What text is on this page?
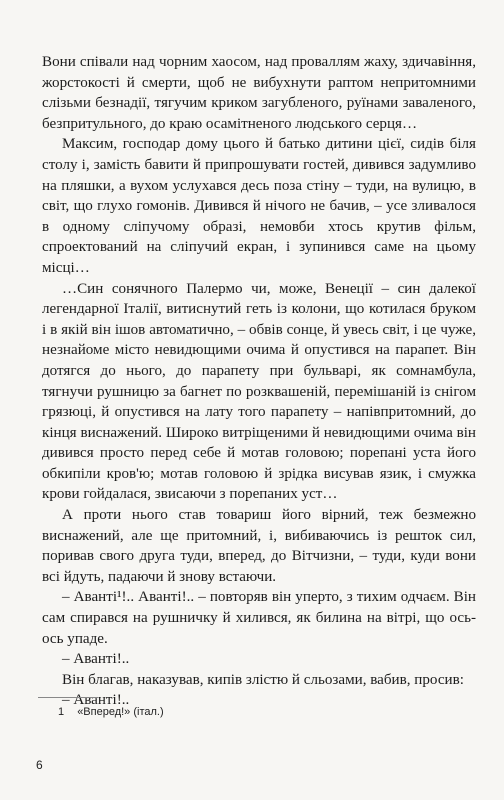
Вони співали над чорним хаосом, над проваллям жаху, здичавіння, жорстокості й смерти, щоб не вибухнути раптом непритомними слізьми безнадії, тягучим криком загубленого, руїнами заваленого, безпритульного, до краю осамітненого людського серця…

Максим, господар дому цього й батько дитини цієї, сидів біля столу і, замість бавити й припрошувати гостей, дивився задумливо на пляшки, а вухом услухався десь поза стіну – туди, на вулицю, в світ, що глухо гомонів. Дивився й нічого не бачив, – усе зливалося в одному сліпучому образі, немовби хтось крутив фільм, спроектований на сліпучий екран, і зупинився саме на цьому місці…

…Син сонячного Палермо чи, може, Венеції – син далекої легендарної Італії, витиснутий геть із колони, що котилася бруком і в якій він ішов автоматично, – обвів сонце, й увесь світ, і це чуже, незнайоме місто невидющими очима й опустився на парапет. Він дотягся до нього, до парапету при бульварі, як сомнамбула, тягнучи рушницю за багнет по розквашеній, перемішаній із снігом грязюці, й опустився на лату того парапету – напівпритомний, до кінця виснажений. Широко витріщеними й невидющими очима він дивився просто перед себе й мотав головою; порепані уста його обкипіли кров'ю; мотав головою й зрідка висував язик, і смужка крови гойдалася, звисаючи з порепаних уст…

А проти нього став товариш його вірний, теж безмежно виснажений, але ще притомний, і, вибиваючись із решток сил, поривав свого друга туди, вперед, до Вітчизни, – туди, куди вони всі йдуть, падаючи й знову встаючи.

– Аванті¹!.. Аванті!.. – повторяв він уперто, з тихим одчаєм. Він сам спирався на рушничку й хилився, як билина на вітрі, що ось-ось упаде.

– Аванті!..

Він благав, наказував, кипів злістю й сльозами, вабив, просив:

– Аванті!..

1 «Вперед!» (італ.)
6
